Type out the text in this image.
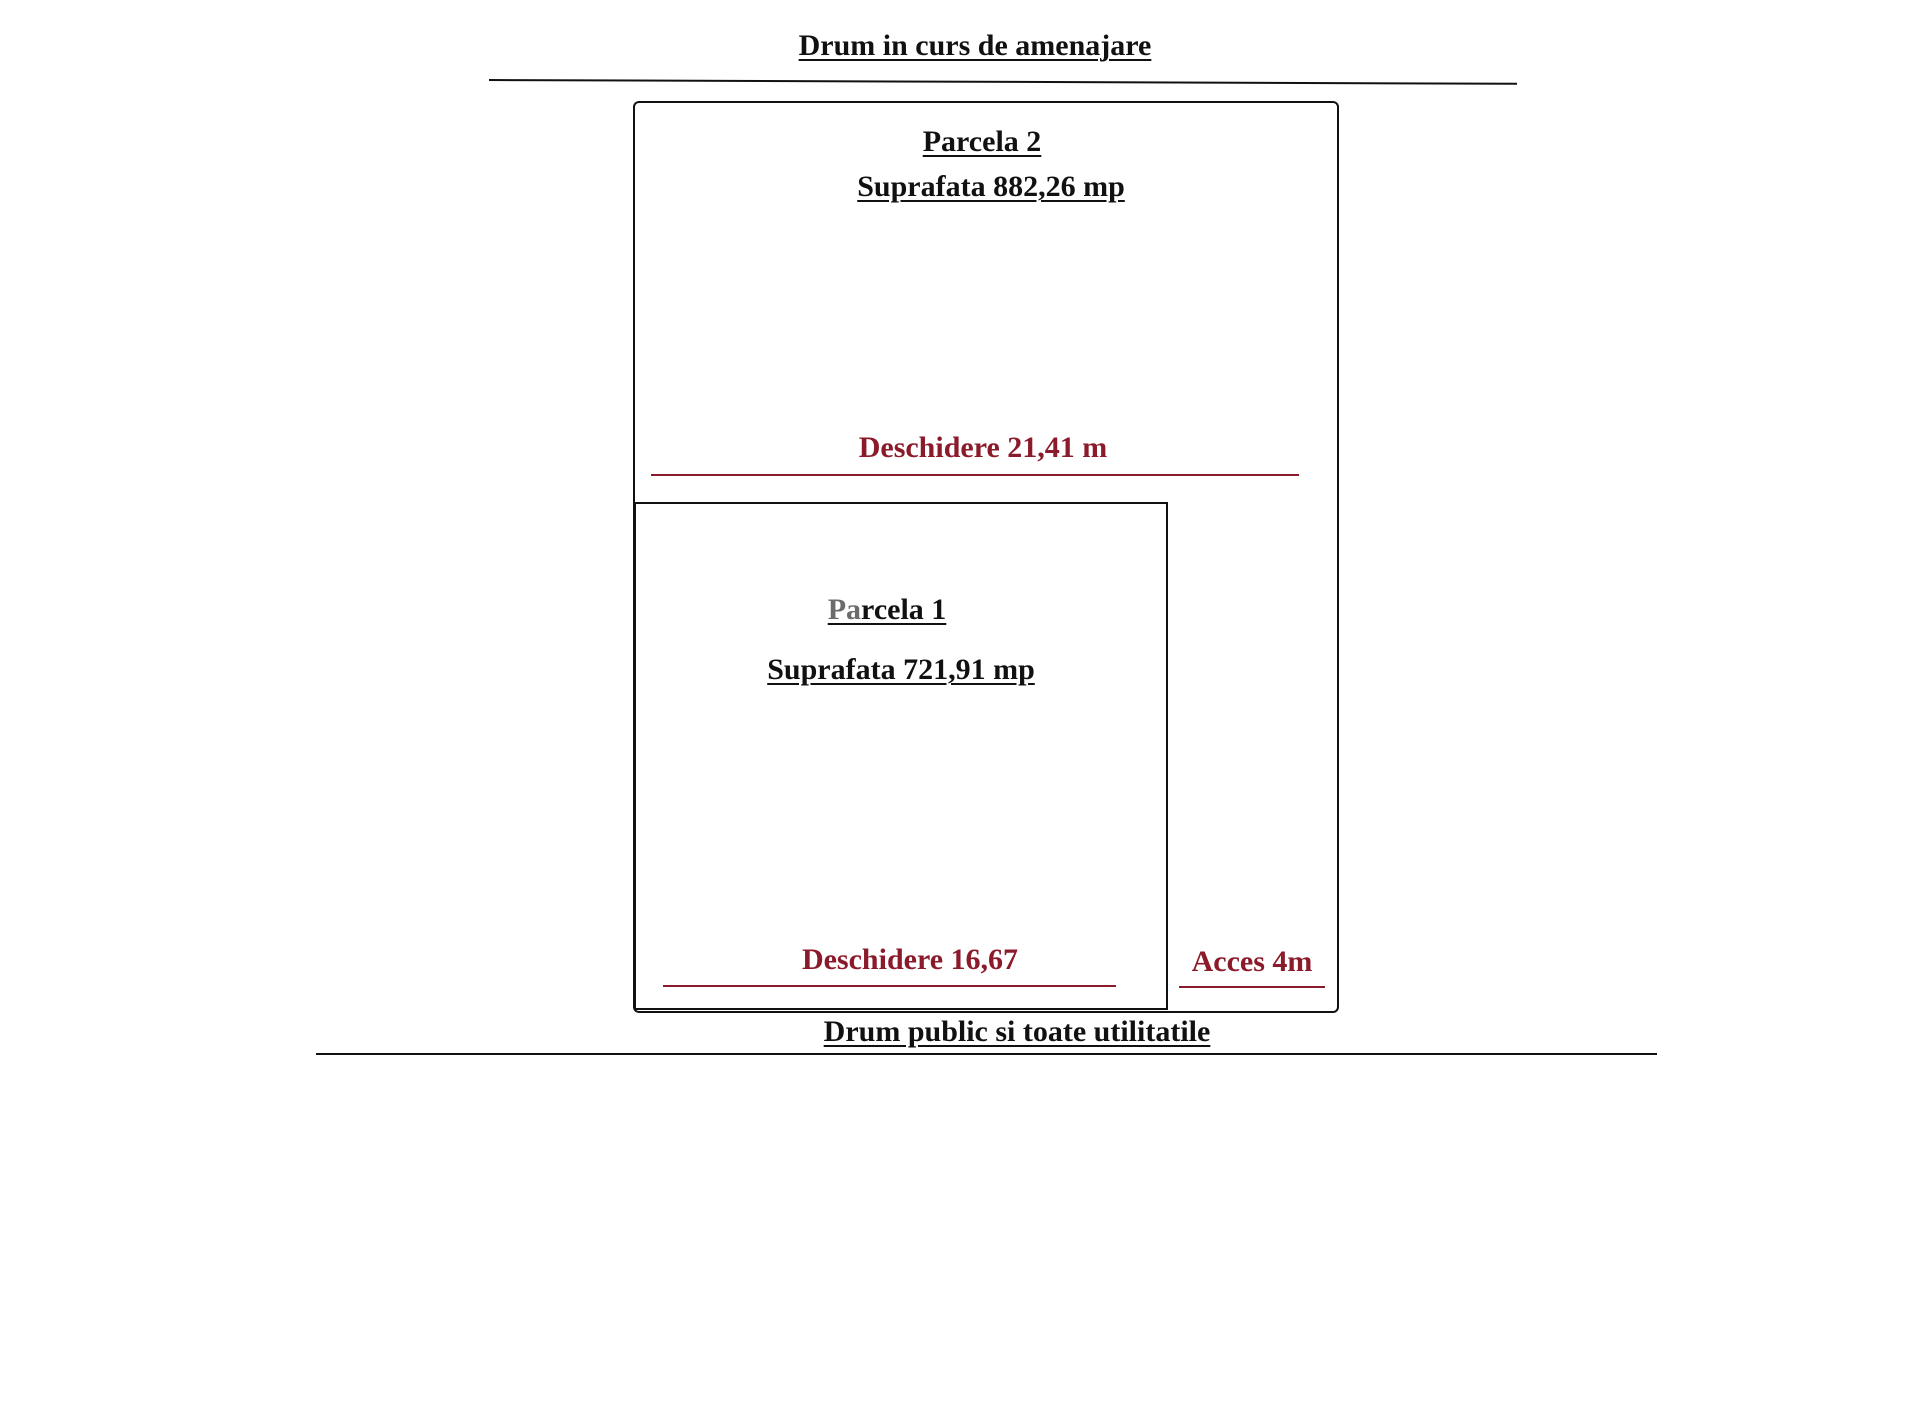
Drum in curs de amenajare
Parcela 2
Suprafata 882,26 mp
Deschidere 21,41 m
Parcela 1
Suprafata 721,91 mp
Deschidere 16,67	Acces 4m
Drum public si toate utilitatile
